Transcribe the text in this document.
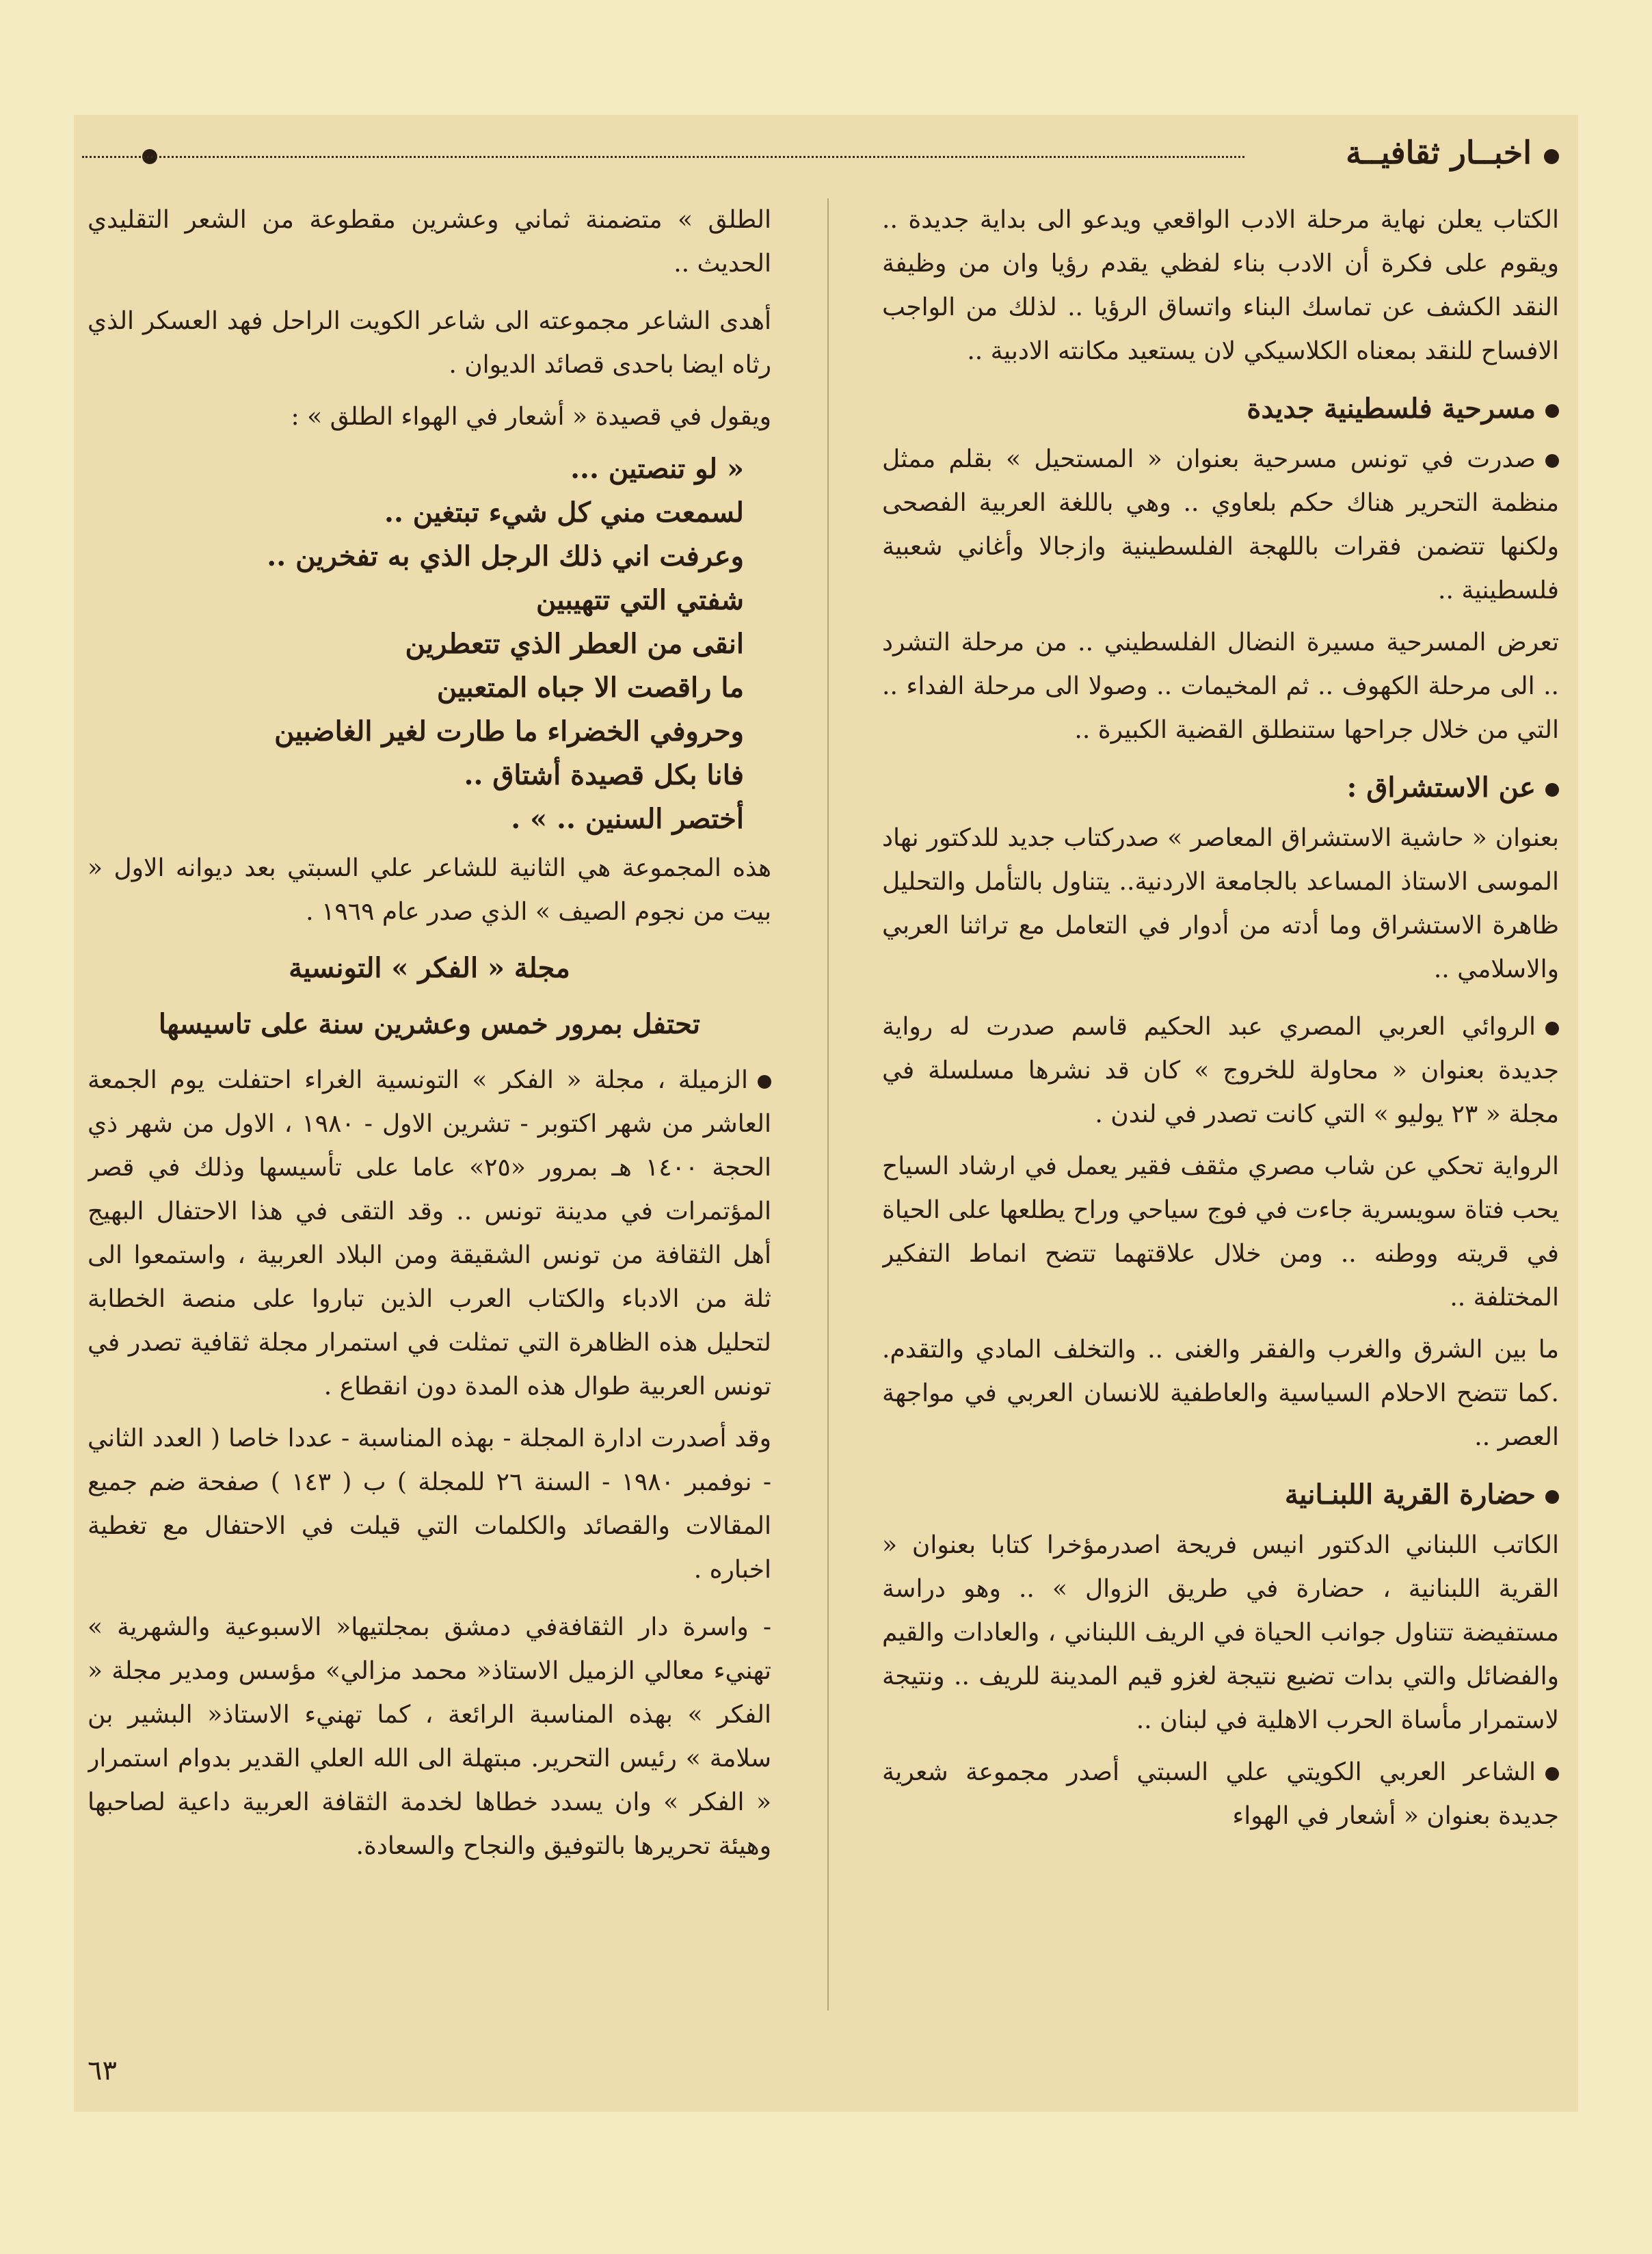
اخبــار ثقافيــة

الكتاب يعلن نهاية مرحلة الادب الواقعي ويدعو الى بداية جديدة .. ويقوم على فكرة أن الادب بناء لفظي يقدم رؤيا وان من وظيفة النقد الكشف عن تماسك البناء واتساق الرؤيا .. لذلك من الواجب الافساح للنقد بمعناه الكلاسيكي لان يستعيد مكانته الادبية ..

مسرحية فلسطينية جديدة

صدرت في تونس مسرحية بعنوان « المستحيل » بقلم ممثل منظمة التحرير هناك حكم بلعاوي .. وهي باللغة العربية الفصحى ولكنها تتضمن فقرات باللهجة الفلسطينية وازجالا وأغاني شعبية فلسطينية ..

تعرض المسرحية مسيرة النضال الفلسطيني .. من مرحلة التشرد .. الى مرحلة الكهوف .. ثم المخيمات .. وصولا الى مرحلة الفداء .. التي من خلال جراحها ستنطلق القضية الكبيرة ..

عن الاستشراق :

بعنوان « حاشية الاستشراق المعاصر » صدركتاب جديد للدكتور نهاد الموسى الاستاذ المساعد بالجامعة الاردنية.. يتناول بالتأمل والتحليل ظاهرة الاستشراق وما أدته من أدوار في التعامل مع تراثنا العربي والاسلامي ..

الروائي العربي المصري عبد الحكيم قاسم صدرت له رواية جديدة بعنوان « محاولة للخروج » كان قد نشرها مسلسلة في مجلة « ٢٣ يوليو » التي كانت تصدر في لندن .

الرواية تحكي عن شاب مصري مثقف فقير يعمل في ارشاد السياح يحب فتاة سويسرية جاءت في فوج سياحي وراح يطلعها على الحياة في قريته ووطنه .. ومن خلال علاقتهما تتضح انماط التفكير المختلفة ..

ما بين الشرق والغرب والفقر والغنى .. والتخلف المادي والتقدم. .كما تتضح الاحلام السياسية والعاطفية للانسان العربي في مواجهة العصر ..

حضارة القرية اللبنـانية

الكاتب اللبناني الدكتور انيس فريحة اصدرمؤخرا كتابا بعنوان « القرية اللبنانية ، حضارة في طريق الزوال » .. وهو دراسة مستفيضة تتناول جوانب الحياة في الريف اللبناني ، والعادات والقيم والفضائل والتي بدات تضيع نتيجة لغزو قيم المدينة للريف .. ونتيجة لاستمرار مأساة الحرب الاهلية في لبنان ..

الشاعر العربي الكويتي علي السبتي أصدر مجموعة شعرية جديدة بعنوان « أشعار في الهواء

الطلق » متضمنة ثماني وعشرين مقطوعة من الشعر التقليدي الحديث ..

أهدى الشاعر مجموعته الى شاعر الكويت الراحل فهد العسكر الذي رثاه ايضا باحدى قصائد الديوان .

ويقول في قصيدة « أشعار في الهواء الطلق » :

« لو تنصتين ...
لسمعت مني كل شيء تبتغين ..
وعرفت اني ذلك الرجل الذي به تفخرين ..
شفتي التي تتهيبين
انقى من العطر الذي تتعطرين
ما راقصت الا جباه المتعبين
وحروفي الخضراء ما طارت لغير الغاضبين
فانا بكل قصيدة أشتاق ..
أختصر السنين .. » .

هذه المجموعة هي الثانية للشاعر علي السبتي بعد ديوانه الاول « بيت من نجوم الصيف » الذي صدر عام ١٩٦٩ .

مجلة « الفكر » التونسية
تحتفل بمرور خمس وعشرين سنة على تاسيسها

الزميلة ، مجلة « الفكر » التونسية الغراء احتفلت يوم الجمعة العاشر من شهر اكتوبر - تشرين الاول - ١٩٨٠ ، الاول من شهر ذي الحجة ١٤٠٠ هـ بمرور «٢٥» عاما على تأسيسها وذلك في قصر المؤتمرات في مدينة تونس .. وقد التقى في هذا الاحتفال البهيج أهل الثقافة من تونس الشقيقة ومن البلاد العربية ، واستمعوا الى ثلة من الادباء والكتاب العرب الذين تباروا على منصة الخطابة لتحليل هذه الظاهرة التي تمثلت في استمرار مجلة ثقافية تصدر في تونس العربية طوال هذه المدة دون انقطاع .

وقد أصدرت ادارة المجلة - بهذه المناسبة - عددا خاصا ( العدد الثاني - نوفمبر ١٩٨٠ - السنة ٢٦ للمجلة ) ب ( ١٤٣ ) صفحة ضم جميع المقالات والقصائد والكلمات التي قيلت في الاحتفال مع تغطية اخباره .

- واسرة دار الثقافةفي دمشق بمجلتيها« الاسبوعية والشهرية » تهنيء معالي الزميل الاستاذ« محمد مزالي» مؤسس ومدير مجلة « الفكر » بهذه المناسبة الرائعة ، كما تهنيء الاستاذ« البشير بن سلامة » رئيس التحرير. مبتهلة الى الله العلي القدير بدوام استمرار « الفكر » وان يسدد خطاها لخدمة الثقافة العربية داعية لصاحبها وهيئة تحريرها بالتوفيق والنجاح والسعادة.

٦٣
